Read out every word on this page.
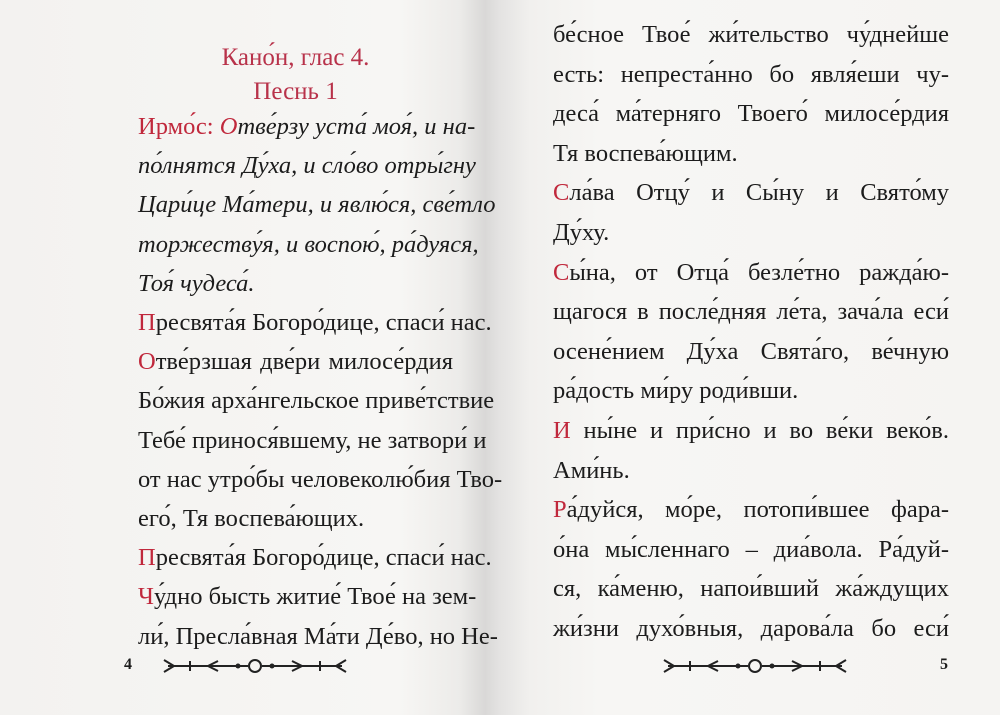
Кано́н, глас 4.
Песнь 1
Ирмо́с: Отве́рзу уста́ моя́, и на-
по́лнятся Ду́ха, и сло́во отры́гну
Цари́це Ма́тери, и явлю́ся, све́тло
торжеству́я, и воспою́, ра́дуяся,
Тоя́ чудеса́.
Пресвята́я Богоро́дице, спаси́ нас.
Отве́рзшая две́ри милосе́рдия
Бо́жия арха́нгельское приве́тствие
Тебе́ принося́вшему, не затвори́ и
от нас утро́бы человеколю́бия Тво-
его́, Тя воспева́ющих.
Пресвята́я Богоро́дице, спаси́ нас.
Чу́дно бысть житие́ Твое́ на зем-
ли́, Пресла́вная Ма́ти Де́во, но Не-
бе́сное Твое́ жи́тельство чу́днейше
есть: непреста́нно бо явля́еши чу-
деса́ ма́терняго Твоего́ милосе́рдия
Тя воспева́ющим.
Сла́ва Отцу́ и Сы́ну и Свято́му
Ду́ху.
Сы́на, от Отца́ безле́тно ражда́ю-
щагося в после́дняя ле́та, зача́ла еси́
осене́нием Ду́ха Свята́го, ве́чную
ра́дость ми́ру роди́вши.
И ны́не и при́сно и во ве́ки веко́в.
Ами́нь.
Ра́дуйся, мо́ре, потопи́вшее фара-
о́на мы́сленнаго – диа́вола. Ра́дуй-
ся, ка́меню, напои́вший жа́ждущих
жи́зни духо́вныя, дарова́ла бо еси́
4	5
